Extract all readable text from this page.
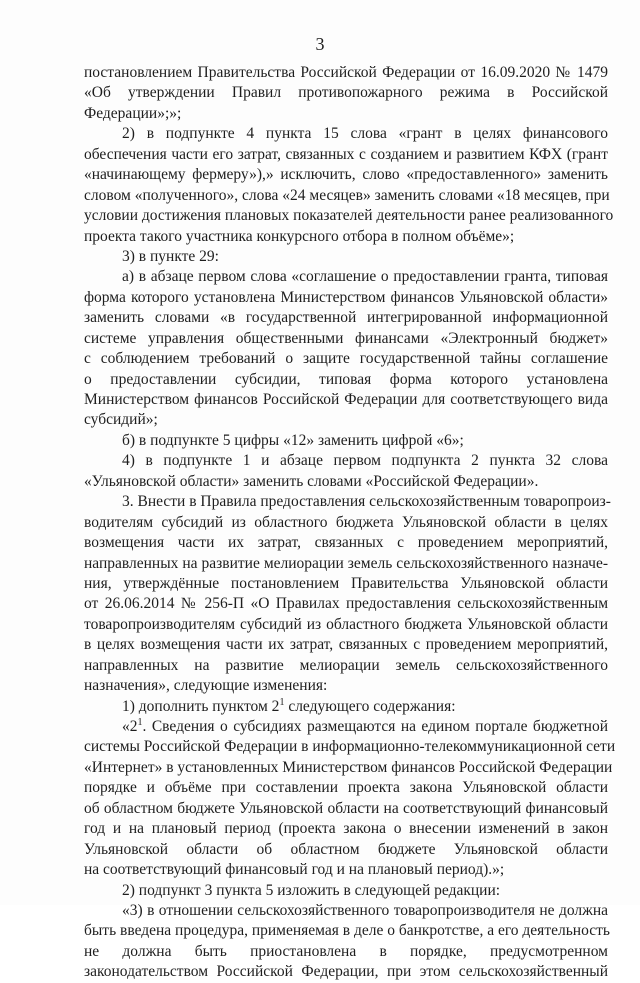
3
постановлением Правительства Российской Федерации от 16.09.2020 № 1479
«Об утверждении Правил противопожарного режима в Российской
Федерации»;»;
2) в подпункте 4 пункта 15 слова «грант в целях финансового
обеспечения части его затрат, связанных с созданием и развитием КФХ (грант
«начинающему фермеру»),» исключить, слово «предоставленного» заменить
словом «полученного», слова «24 месяцев» заменить словами «18 месяцев, при
условии достижения плановых показателей деятельности ранее реализованного
проекта такого участника конкурсного отбора в полном объёме»;
3) в пункте 29:
а) в абзаце первом слова «соглашение о предоставлении гранта, типовая
форма которого установлена Министерством финансов Ульяновской области»
заменить словами «в государственной интегрированной информационной
системе управления общественными финансами «Электронный бюджет»
с соблюдением требований о защите государственной тайны соглашение
о предоставлении субсидии, типовая форма которого установлена
Министерством финансов Российской Федерации для соответствующего вида
субсидий»;
б) в подпункте 5 цифры «12» заменить цифрой «6»;
4) в подпункте 1 и абзаце первом подпункта 2 пункта 32 слова
«Ульяновской области» заменить словами «Российской Федерации».
3. Внести в Правила предоставления сельскохозяйственным товаропроиз-
водителям субсидий из областного бюджета Ульяновской области в целях
возмещения части их затрат, связанных с проведением мероприятий,
направленных на развитие мелиорации земель сельскохозяйственного назначе-
ния, утверждённые постановлением Правительства Ульяновской области
от 26.06.2014 № 256-П «О Правилах предоставления сельскохозяйственным
товаропроизводителям субсидий из областного бюджета Ульяновской области
в целях возмещения части их затрат, связанных с проведением мероприятий,
направленных на развитие мелиорации земель сельскохозяйственного
назначения», следующие изменения:
1) дополнить пунктом $2^1$ следующего содержания:
«$2^1$. Сведения о субсидиях размещаются на едином портале бюджетной
системы Российской Федерации в информационно-телекоммуникационной сети
«Интернет» в установленных Министерством финансов Российской Федерации
порядке и объёме при составлении проекта закона Ульяновской области
об областном бюджете Ульяновской области на соответствующий финансовый
год и на плановый период (проекта закона о внесении изменений в закон
Ульяновской области об областном бюджете Ульяновской области
на соответствующий финансовый год и на плановый период).»;
2) подпункт 3 пункта 5 изложить в следующей редакции:
«3) в отношении сельскохозяйственного товаропроизводителя не должна
быть введена процедура, применяемая в деле о банкротстве, а его деятельность
не должна быть приостановлена в порядке, предусмотренном
законодательством Российской Федерации, при этом сельскохозяйственный
